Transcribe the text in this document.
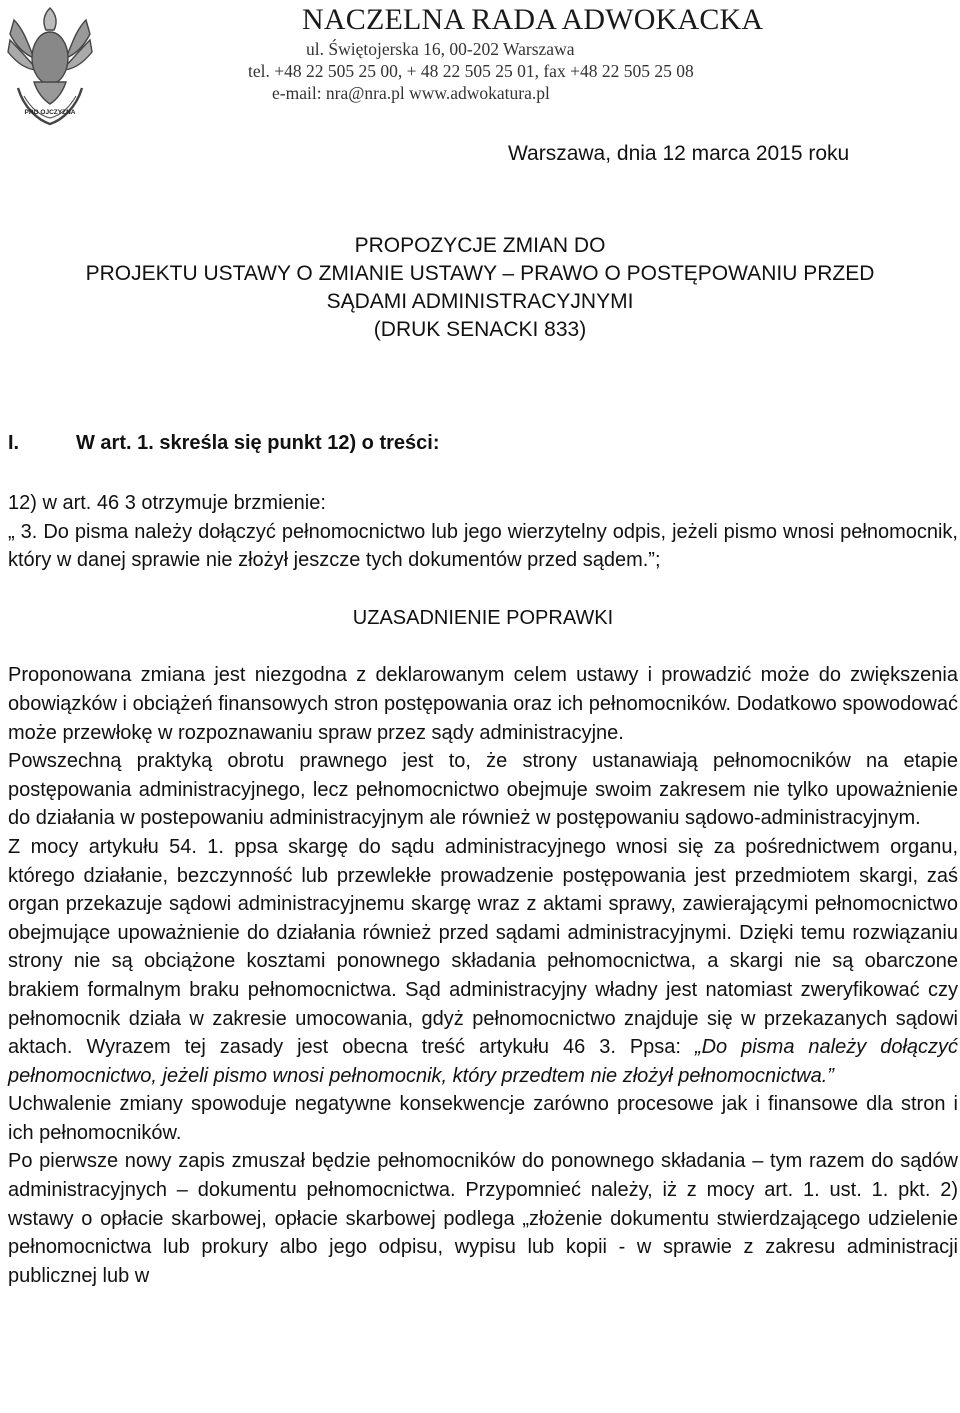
PRO OJCZYZNA
NACZELNA RADA ADWOKACKA
ul. Świętojerska 16, 00-202 Warszawa
tel. +48 22 505 25 00, + 48 22 505 25 01, fax +48 22 505 25 08
e-mail: nra@nra.pl www.adwokatura.pl
Warszawa, dnia 12 marca 2015 roku
PROPOZYCJE ZMIAN DO
PROJEKTU USTAWY O ZMIANIE USTAWY – PRAWO O POSTĘPOWANIU PRZED
SĄDAMI ADMINISTRACYJNYMI
(DRUK SENACKI 833)
I.	W art. 1. skreśla się punkt 12) o treści:

12) w art. 46 3 otrzymuje brzmienie:

„ 3. Do pisma należy dołączyć pełnomocnictwo lub jego wierzytelny odpis, jeżeli pismo wnosi pełnomocnik, który w danej sprawie nie złożył jeszcze tych dokumentów przed sądem.”;

UZASADNIENIE POPRAWKI

Proponowana zmiana jest niezgodna z deklarowanym celem ustawy i prowadzić może do zwiększenia obowiązków i obciążeń finansowych stron postępowania oraz ich pełnomocników. Dodatkowo spowodować może przewłokę w rozpoznawaniu spraw przez sądy administracyjne.

Powszechną praktyką obrotu prawnego jest to, że strony ustanawiają pełnomocników na etapie postępowania administracyjnego, lecz pełnomocnictwo obejmuje swoim zakresem nie tylko upoważnienie do działania w postepowaniu administracyjnym ale również w postępowaniu sądowo-administracyjnym.

Z mocy artykułu 54. 1. ppsa skargę do sądu administracyjnego wnosi się za pośrednictwem organu, którego działanie, bezczynność lub przewlekłe prowadzenie postępowania jest przedmiotem skargi, zaś organ przekazuje sądowi administracyjnemu skargę wraz z aktami sprawy, zawierającymi pełnomocnictwo obejmujące upoważnienie do działania również przed sądami administracyjnymi. Dzięki temu rozwiązaniu strony nie są obciążone kosztami ponownego składania pełnomocnictwa, a skargi nie są obarczone brakiem formalnym braku pełnomocnictwa. Sąd administracyjny władny jest natomiast zweryfikować czy pełnomocnik działa w zakresie umocowania, gdyż pełnomocnictwo znajduje się w przekazanych sądowi aktach. Wyrazem tej zasady jest obecna treść artykułu 46 3. Ppsa: „Do pisma należy dołączyć pełnomocnictwo, jeżeli pismo wnosi pełnomocnik, który przedtem nie złożył pełnomocnictwa.”

Uchwalenie zmiany spowoduje negatywne konsekwencje zarówno procesowe jak i finansowe dla stron i ich pełnomocników.

Po pierwsze nowy zapis zmuszał będzie pełnomocników do ponownego składania – tym razem do sądów administracyjnych – dokumentu pełnomocnictwa. Przypomnieć należy, iż z mocy art. 1. ust. 1. pkt. 2) wstawy o opłacie skarbowej, opłacie skarbowej podlega „złożenie dokumentu stwierdzającego udzielenie pełnomocnictwa lub prokury albo jego odpisu, wypisu lub kopii - w sprawie z zakresu administracji publicznej lub w
